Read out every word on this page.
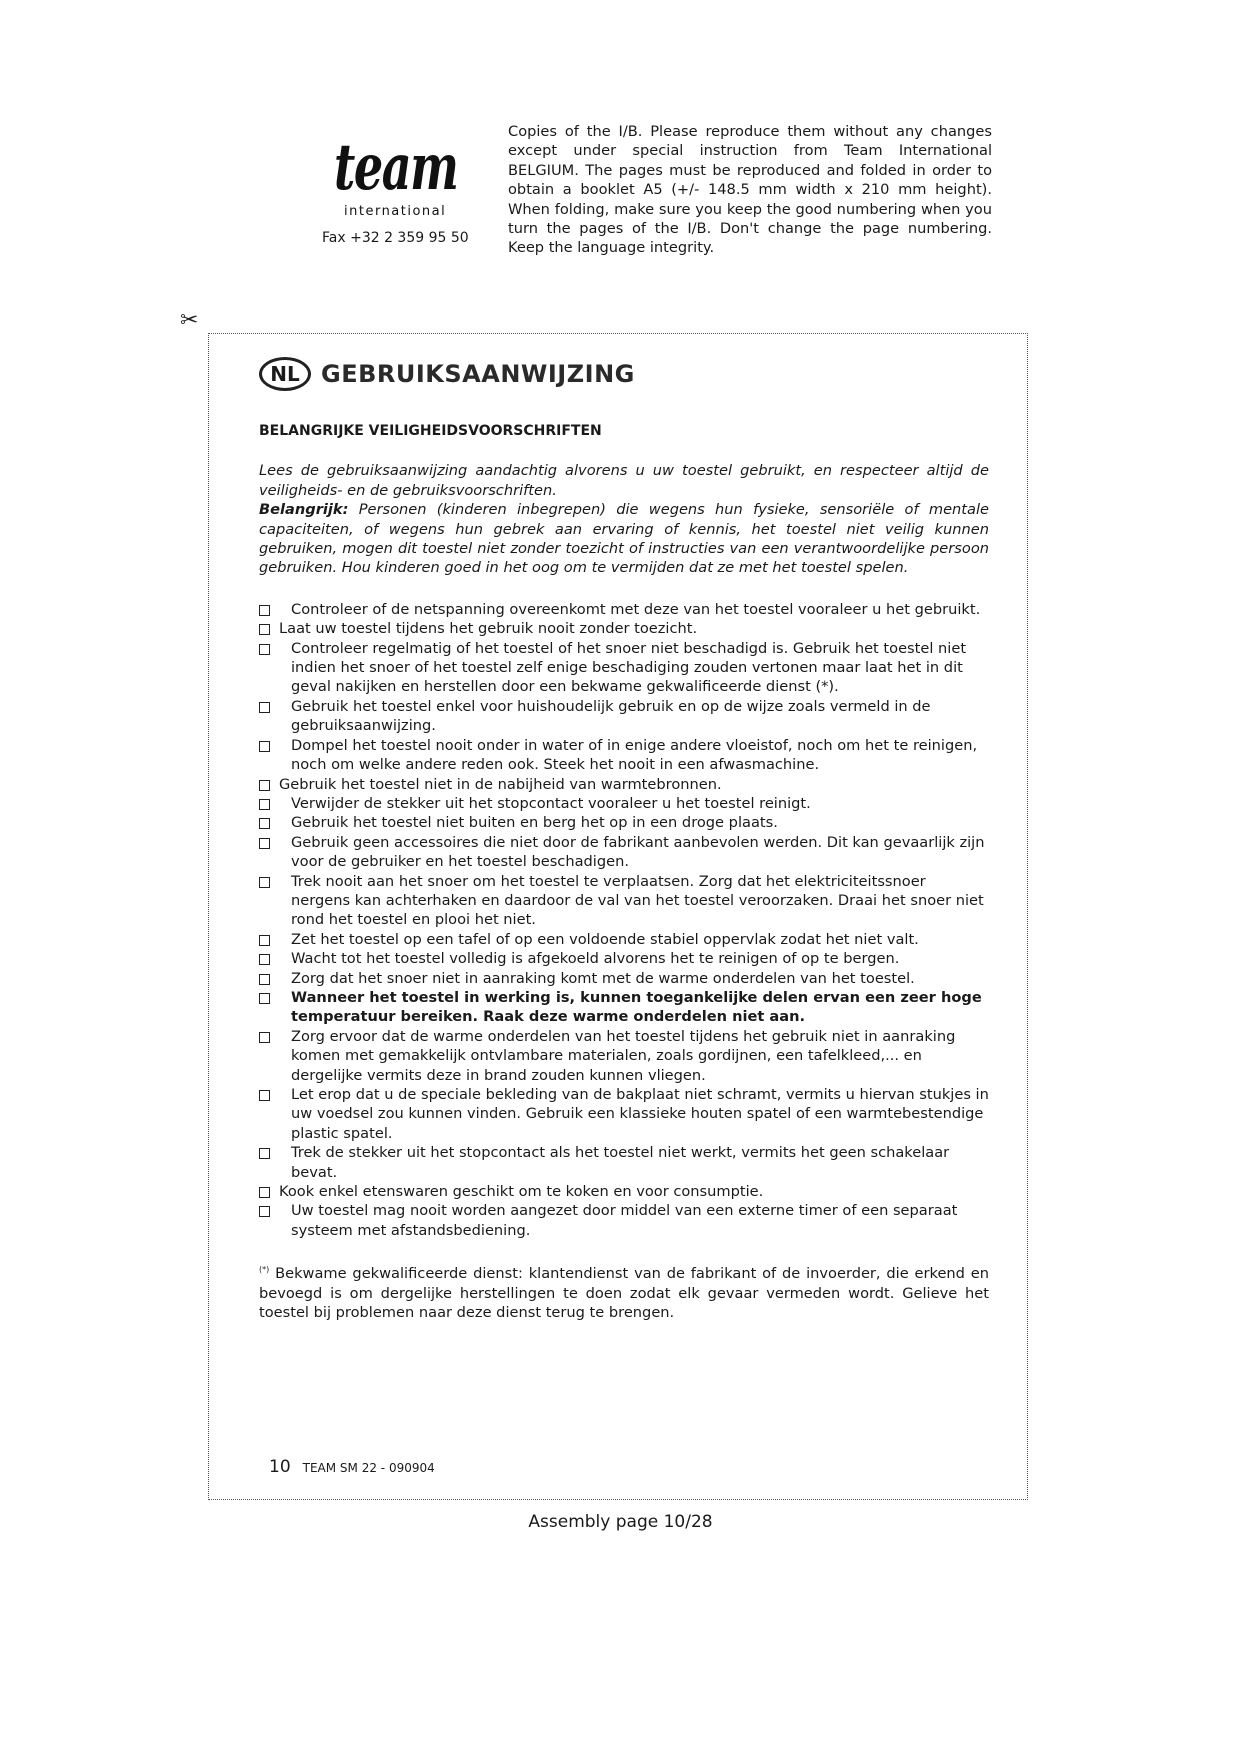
team
international
Fax +32 2 359 95 50
Copies of the I/B. Please reproduce them without any changes except under special instruction from Team International BELGIUM. The pages must be reproduced and folded in order to obtain a booklet A5 (+/- 148.5 mm width x 210 mm height). When folding, make sure you keep the good numbering when you turn the pages of the I/B. Don't change the page numbering. Keep the language integrity.
✂
NL GEBRUIKSAANWIJZING
BELANGRIJKE VEILIGHEIDSVOORSCHRIFTEN

Lees de gebruiksaanwijzing aandachtig alvorens u uw toestel gebruikt, en respecteer altijd de veiligheids- en de gebruiksvoorschriften.

Belangrijk: Personen (kinderen inbegrepen) die wegens hun fysieke, sensoriële of mentale capaciteiten, of wegens hun gebrek aan ervaring of kennis, het toestel niet veilig kunnen gebruiken, mogen dit toestel niet zonder toezicht of instructies van een verantwoordelijke persoon gebruiken. Hou kinderen goed in het oog om te vermijden dat ze met het toestel spelen.

Controleer of de netspanning overeenkomt met deze van het toestel vooraleer u het gebruikt.
Laat uw toestel tijdens het gebruik nooit zonder toezicht.
Controleer regelmatig of het toestel of het snoer niet beschadigd is. Gebruik het toestel niet indien het snoer of het toestel zelf enige beschadiging zouden vertonen maar laat het in dit geval nakijken en herstellen door een bekwame gekwalificeerde dienst (*).
Gebruik het toestel enkel voor huishoudelijk gebruik en op de wijze zoals vermeld in de gebruiksaanwijzing.
Dompel het toestel nooit onder in water of in enige andere vloeistof, noch om het te reinigen, noch om welke andere reden ook. Steek het nooit in een afwasmachine.
Gebruik het toestel niet in de nabijheid van warmtebronnen.
Verwijder de stekker uit het stopcontact vooraleer u het toestel reinigt.
Gebruik het toestel niet buiten en berg het op in een droge plaats.
Gebruik geen accessoires die niet door de fabrikant aanbevolen werden. Dit kan gevaarlijk zijn voor de gebruiker en het toestel beschadigen.
Trek nooit aan het snoer om het toestel te verplaatsen. Zorg dat het elektriciteitssnoer nergens kan achterhaken en daardoor de val van het toestel veroorzaken. Draai het snoer niet rond het toestel en plooi het niet.
Zet het toestel op een tafel of op een voldoende stabiel oppervlak zodat het niet valt.
Wacht tot het toestel volledig is afgekoeld alvorens het te reinigen of op te bergen.
Zorg dat het snoer niet in aanraking komt met de warme onderdelen van het toestel.
Wanneer het toestel in werking is, kunnen toegankelijke delen ervan een zeer hoge temperatuur bereiken. Raak deze warme onderdelen niet aan.
Zorg ervoor dat de warme onderdelen van het toestel tijdens het gebruik niet in aanraking komen met gemakkelijk ontvlambare materialen, zoals gordijnen, een tafelkleed,... en dergelijke vermits deze in brand zouden kunnen vliegen.
Let erop dat u de speciale bekleding van de bakplaat niet schramt, vermits u hiervan stukjes in uw voedsel zou kunnen vinden. Gebruik een klassieke houten spatel of een warmtebestendige plastic spatel.
Trek de stekker uit het stopcontact als het toestel niet werkt, vermits het geen schakelaar bevat.
Kook enkel etenswaren geschikt om te koken en voor consumptie.
Uw toestel mag nooit worden aangezet door middel van een externe timer of een separaat systeem met afstandsbediening.
(*) Bekwame gekwalificeerde dienst: klantendienst van de fabrikant of de invoerder, die erkend en bevoegd is om dergelijke herstellingen te doen zodat elk gevaar vermeden wordt. Gelieve het toestel bij problemen naar deze dienst terug te brengen.
10 TEAM SM 22 - 090904
Assembly page 10/28
